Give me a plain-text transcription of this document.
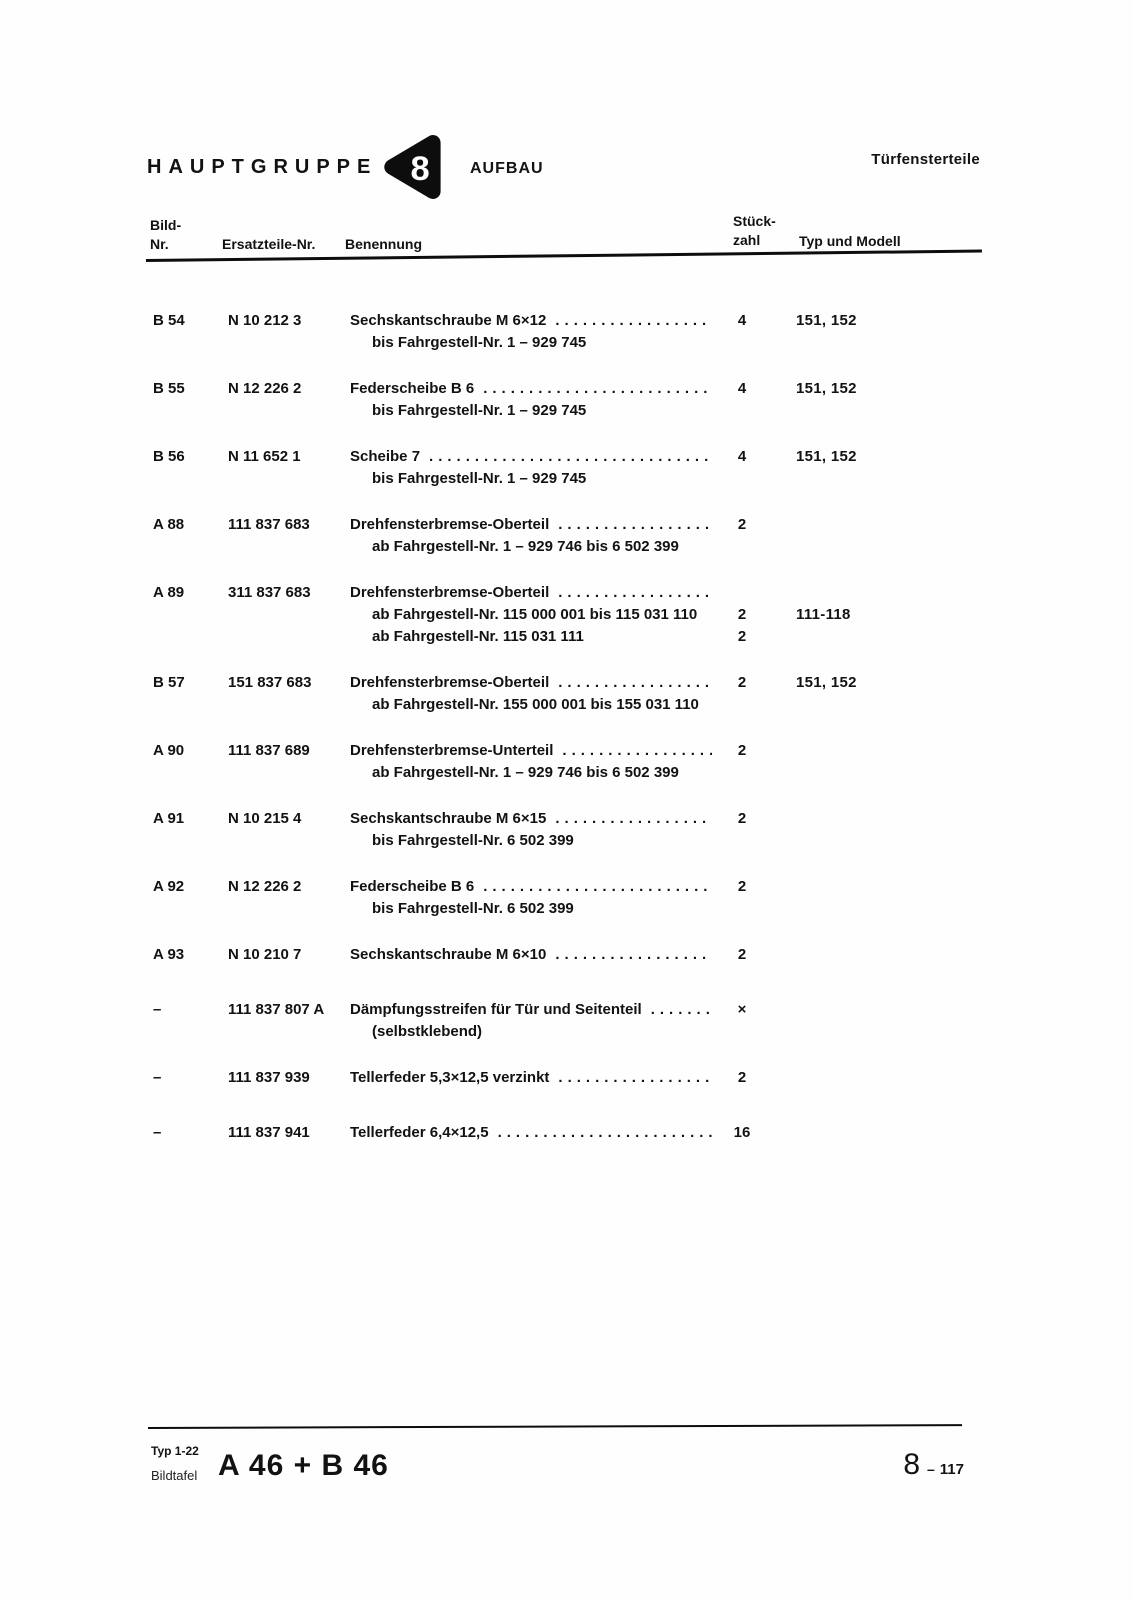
HAUPTGRUPPE 8	AUFBAU
Türfensterteile
Bild-
Nr.	Ersatzteile-Nr. Benennung
Stück-
zahl	Typ und Modell
B 54	N 10 212 3	Sechskantschraube M 6×12 .....	4	151, 152
bis Fahrgestell-Nr. 1 – 929 745
B 55	N 12 226 2	Federscheibe B 6 .....	4	151, 152
bis Fahrgestell-Nr. 1 – 929 745
B 56	N 11 652 1	Scheibe 7 .....	4	151, 152
bis Fahrgestell-Nr. 1 – 929 745
A 88	111 837 683	Drehfensterbremse-Oberteil .....	2
ab Fahrgestell-Nr. 1 – 929 746 bis 6 502 399
A 89	311 837 683	Drehfensterbremse-Oberteil
.....
ab Fahrgestell-Nr. 115 000 001 bis 115 031 110	2	111-118
ab Fahrgestell-Nr. 115 031 111	2
B 57	151 837 683	Drehfensterbremse-Oberteil .....	2	151, 152
ab Fahrgestell-Nr. 155 000 001 bis 155 031 110
A 90	111 837 689	Drehfensterbremse-Unterteil .....	2
ab Fahrgestell-Nr. 1 – 929 746 bis 6 502 399
A 91	N 10 215 4	Sechskantschraube M 6×15 .....	2
bis Fahrgestell-Nr. 6 502 399
A 92	N 12 226 2	Federscheibe B 6 .....	2
bis Fahrgestell-Nr. 6 502 399
A 93	N 10 210 7	Sechskantschraube M 6×10 .....	2
–	111 837 807 A	Dämpfungsstreifen für Tür und Seitenteil .....	×
(selbstklebend)
–	111 837 939	Tellerfeder 5,3×12,5 verzinkt .....	2
–	111 837 941	Tellerfeder 6,4×12,5 .....	16
Typ 1-22
Bildtafel A 46 + B 46	8 – 117
